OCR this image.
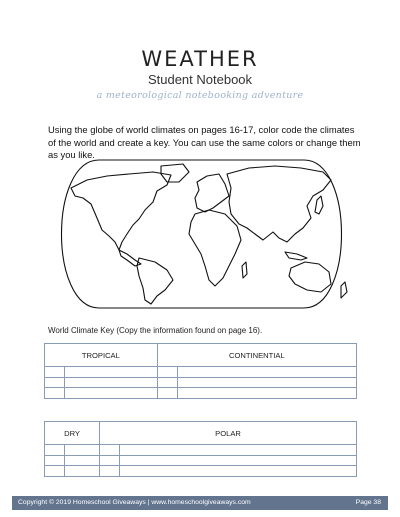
WEATHER
Student Notebook
a meteorological notebooking adventure
Using the globe of world climates on pages 16-17, color code the climates of the world and create a key. You can use the same colors or change them as you like.
World Climate Key (Copy the information found on page 16).
TROPICAL		CONTINENTIAL	

DRY		POLAR	

Copyright © 2019 Homeschool Giveaways | www.homeschoolgiveaways.com	Page 38
